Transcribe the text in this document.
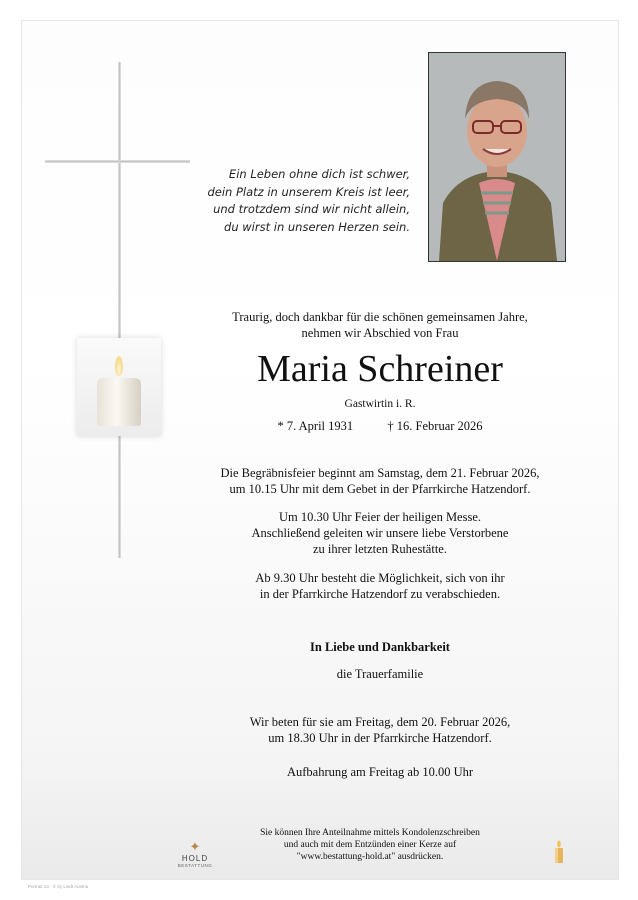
Ein Leben ohne dich ist schwer,
dein Platz in unserem Kreis ist leer,
und trotzdem sind wir nicht allein,
du wirst in unseren Herzen sein.
Traurig, doch dankbar für die schönen gemeinsamen Jahre,
nehmen wir Abschied von Frau
Maria Schreiner
Gastwirtin i. R.
* 7. April 1931	† 16. Februar 2026
Die Begräbnisfeier beginnt am Samstag, dem 21. Februar 2026,
um 10.15 Uhr mit dem Gebet in der Pfarrkirche Hatzendorf.
Um 10.30 Uhr Feier der heiligen Messe.
Anschließend geleiten wir unsere liebe Verstorbene
zu ihrer letzten Ruhestätte.
Ab 9.30 Uhr besteht die Möglichkeit, sich von ihr
in der Pfarrkirche Hatzendorf zu verabschieden.
In Liebe und Dankbarkeit
die Trauerfamilie
Wir beten für sie am Freitag, dem 20. Februar 2026,
um 18.30 Uhr in der Pfarrkirche Hatzendorf.
Aufbahrung am Freitag ab 10.00 Uhr
✦
HOLD
BESTATTUNG
Sie können Ihre Anteilnahme mittels Kondolenzschreiben
und auch mit dem Entzünden einer Kerze auf
"www.bestattung-hold.at" ausdrücken.
Portrait 13 · © by Lindt Austria
